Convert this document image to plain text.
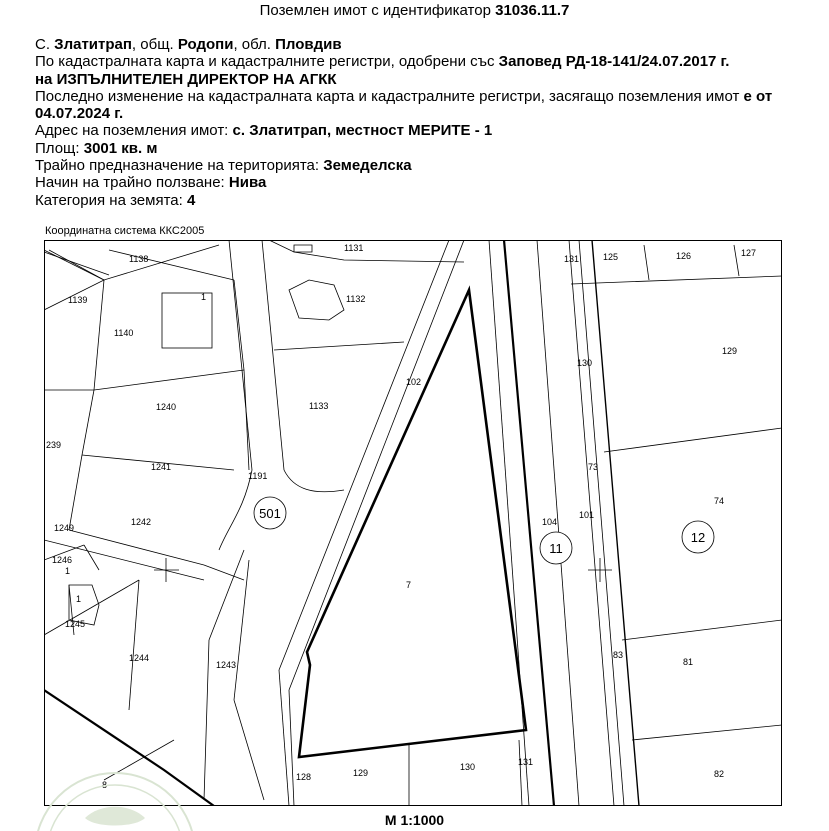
Поземлен имот с идентификатор 31036.11.7
С. Златитрап, общ. Родопи, обл. Пловдив
По кадастралната карта и кадастралните регистри, одобрени със Заповед РД-18-141/24.07.2017 г.
на ИЗПЪЛНИТЕЛЕН ДИРЕКТОР НА АГКК
Последно изменение на кадастралната карта и кадастралните регистри, засягащо поземления имот е от 04.07.2024 г.
Адрес на поземления имот: с. Златитрап, местност МЕРИТЕ - 1
Площ: 3001 кв. м
Трайно предназначение на територията: Земеделска
Начин на трайно ползване: Нива
Категория на земята: 4
Координатна система ККС2005
501
11
12
1138
1139
1140
1
1131
1132
102
1133
1240
239
1241
1191
1242
1249
1246
1
1
1245
1244
1243
8
128	129
130	131
7
131	125	126	127
129
130
73
74
104
101
83
81
82
М 1:1000
